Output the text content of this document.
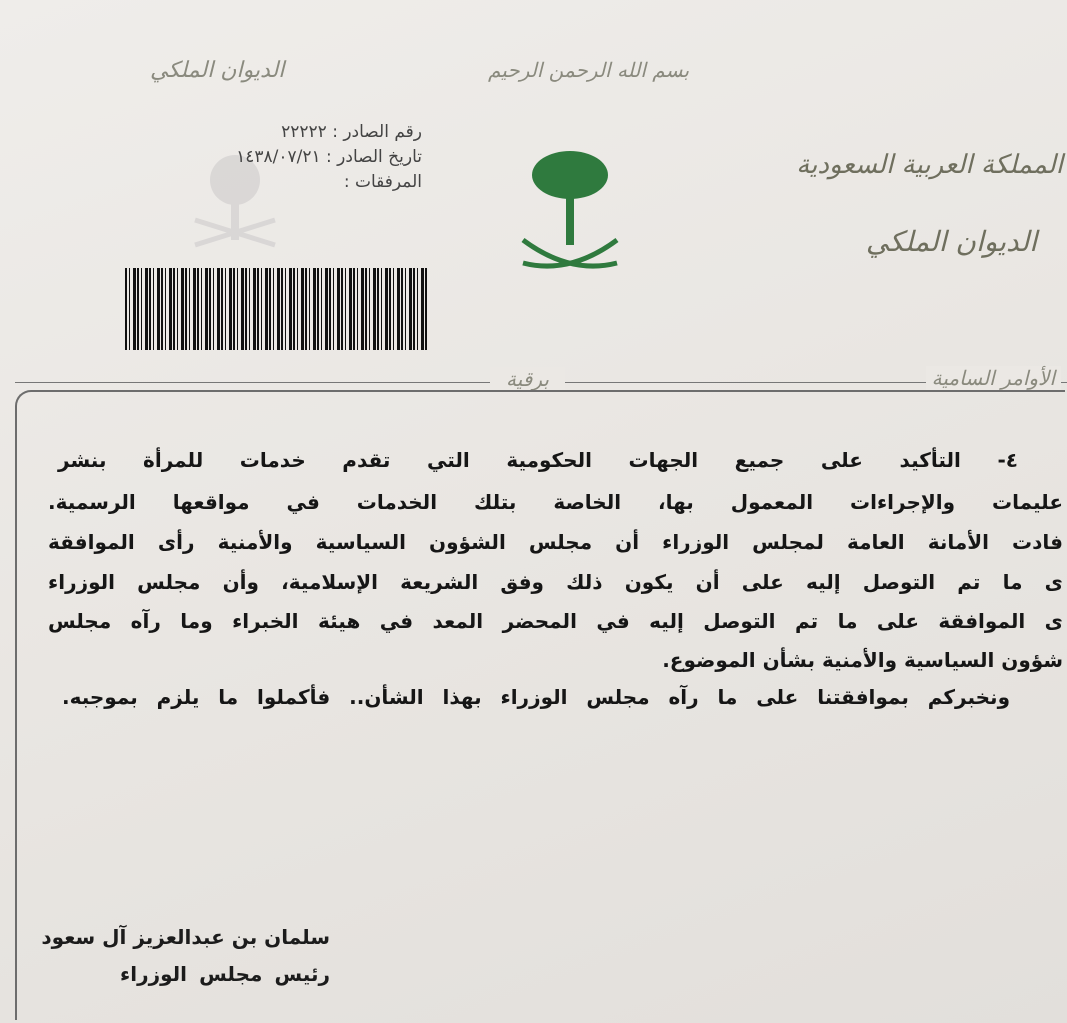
الديوان الملكي	بسم الله الرحمن الرحيم
رقم الصادر : ٢٢٢٢٢
تاريخ الصادر : ١٤٣٨/٠٧/٢١
المرفقات :
المملكة العربية السعودية
الديوان الملكي
برقية	الأوامر السامية
٤- التأكيد على جميع الجهات الحكومية التي تقدم خدمات للمرأة بنشر
عليمات والإجراءات المعمول بها، الخاصة بتلك الخدمات في مواقعها الرسمية.
فادت الأمانة العامة لمجلس الوزراء أن مجلس الشؤون السياسية والأمنية رأى الموافقة
ى ما تم التوصل إليه على أن يكون ذلك وفق الشريعة الإسلامية، وأن مجلس الوزراء
ى الموافقة على ما تم التوصل إليه في المحضر المعد في هيئة الخبراء وما رآه مجلس
شؤون السياسية والأمنية بشأن الموضوع.
ونخبركم بموافقتنا على ما رآه مجلس الوزراء بهذا الشأن.. فأكملوا ما يلزم بموجبه.
سلمان بن عبدالعزيز آل سعود
رئيس مجلس الوزراء
